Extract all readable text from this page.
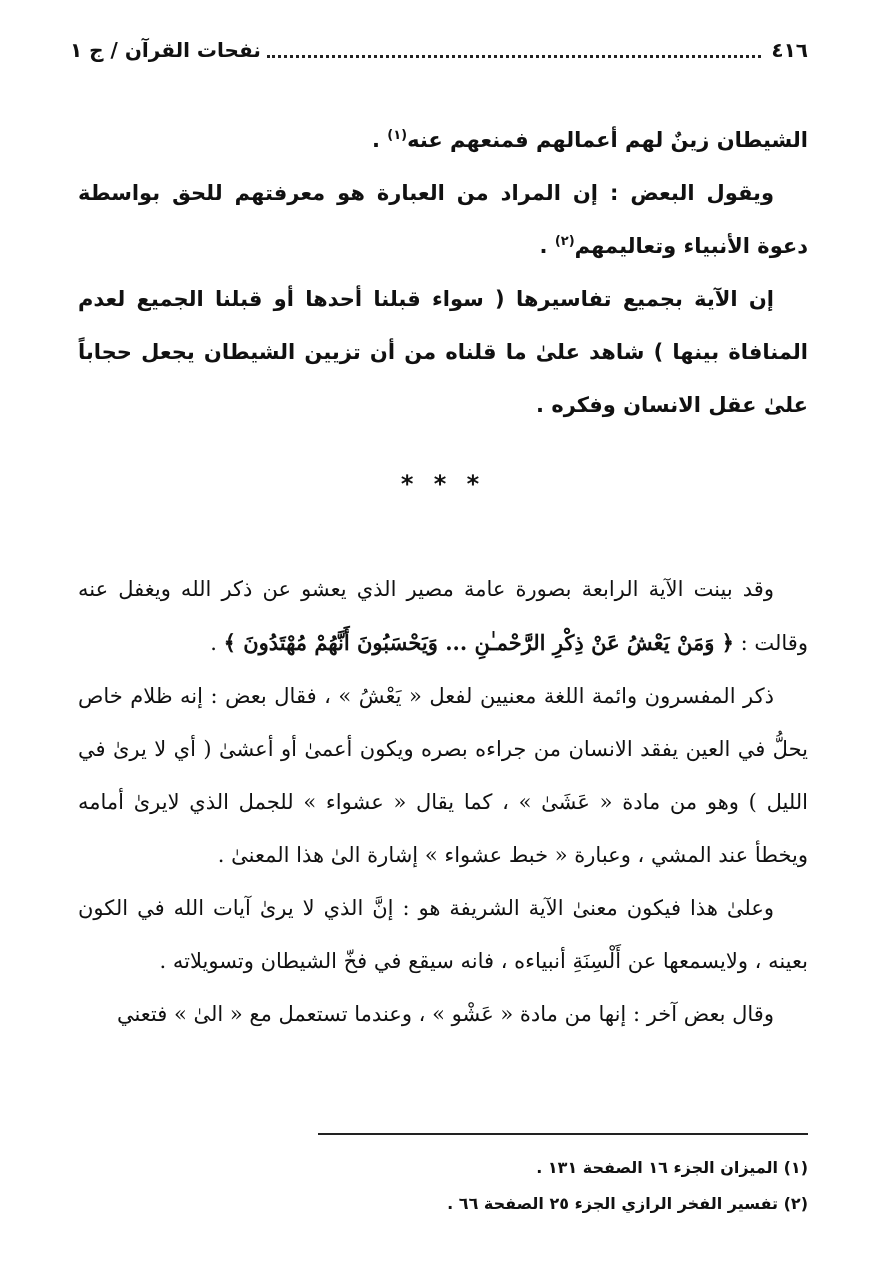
٤١٦
نفحات القرآن / ج ١

الشيطان زينٌ لهم أعمالهم فمنعهم عنه$^{(١)}$ .

ويقول البعض : إن المراد من العبارة هو معرفتهم للحق بواسطة دعوة الأنبياء وتعاليمهم$^{(٢)}$ .

إن الآية بجميع تفاسيرها ( سواء قبلنا أحدها أو قبلنا الجميع لعدم المنافاة بينها ) شاهد علىٰ ما قلناه من أن تزيين الشيطان يجعل حجاباً علىٰ عقل الانسان وفكره .

* * *

وقد بينت الآية الرابعة بصورة عامة مصير الذي يعشو عن ذكر الله ويغفل عنه وقالت : ﴿ وَمَنْ يَعْشُ عَنْ ذِكْرِ الرَّحْمـٰنِ ... وَيَحْسَبُونَ أَنَّهُمْ مُهْتَدُونَ ﴾ .

ذكر المفسرون وائمة اللغة معنيين لفعل « يَعْشُ » ، فقال بعض : إنه ظلام خاص يحلُّ في العين يفقد الانسان من جراءه بصره ويكون أعمىٰ أو أعشىٰ ( أي لا يرىٰ في الليل ) وهو من مادة « عَشَىٰ » ، كما يقال « عشواء » للجمل الذي لايرىٰ أمامه ويخطأ عند المشي ، وعبارة « خبط عشواء » إشارة الىٰ هذا المعنىٰ .

وعلىٰ هذا فيكون معنىٰ الآية الشريفة هو : إنَّ الذي لا يرىٰ آيات الله في الكون بعينه ، ولايسمعها عن أَلْسِنَةِ أنبياءه ، فانه سيقع في فخّ الشيطان وتسويلاته .

وقال بعض آخر : إنها من مادة « عَشْو » ، وعندما تستعمل مع « الىٰ » فتعني

(١) الميزان الجزء ١٦ الصفحة ١٣١ .
(٢) تفسير الفخر الرازي الجزء ٢٥ الصفحة ٦٦ .
